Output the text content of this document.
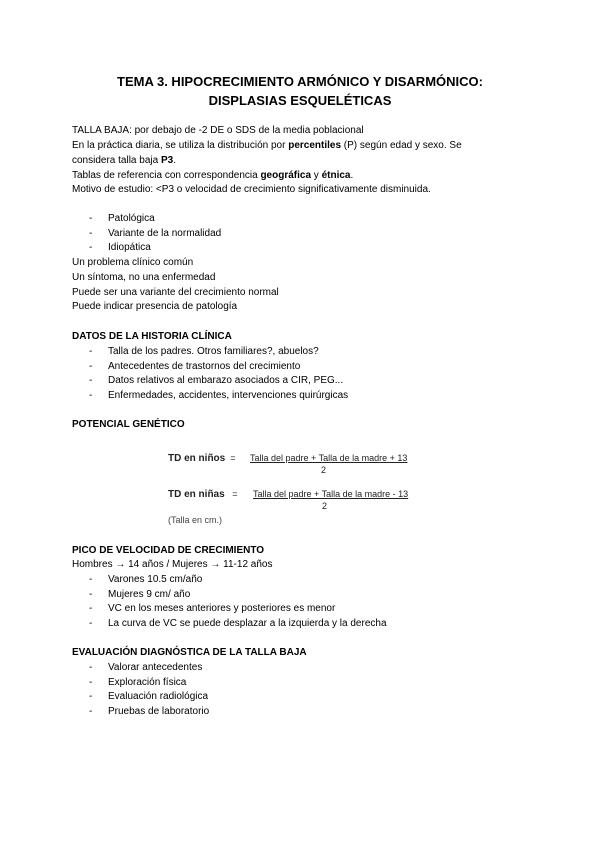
TEMA 3. HIPOCRECIMIENTO ARMÓNICO Y DISARMÓNICO:
DISPLASIAS ESQUELÉTICAS
TALLA BAJA: por debajo de -2 DE o SDS de la media poblacional
En la práctica diaria, se utiliza la distribución por percentiles (P) según edad y sexo. Se
considera talla baja P3.
Tablas de referencia con correspondencia geográfica y étnica.
Motivo de estudio: <P3 o velocidad de crecimiento significativamente disminuida.
- Patológica
- Variante de la normalidad
- Idiopática
Un problema clínico común
Un síntoma, no una enfermedad
Puede ser una variante del crecimiento normal
Puede indicar presencia de patología
DATOS DE LA HISTORIA CLÍNICA
- Talla de los padres. Otros familiares?, abuelos?
- Antecedentes de trastornos del crecimiento
- Datos relativos al embarazo asociados a CIR, PEG...
- Enfermedades, accidentes, intervenciones quirúrgicas
POTENCIAL GENÉTICO
TD en niños = Talla del padre + Talla de la madre + 13
2
TD en niñas = Talla del padre + Talla de la madre - 13
2
(Talla en cm.)
PICO DE VELOCIDAD DE CRECIMIENTO
Hombres → 14 años / Mujeres → 11-12 años
- Varones 10.5 cm/año
- Mujeres 9 cm/ año
- VC en los meses anteriores y posteriores es menor
- La curva de VC se puede desplazar a la izquierda y la derecha
EVALUACIÓN DIAGNÓSTICA DE LA TALLA BAJA
- Valorar antecedentes
- Exploración física
- Evaluación radiológica
- Pruebas de laboratorio
